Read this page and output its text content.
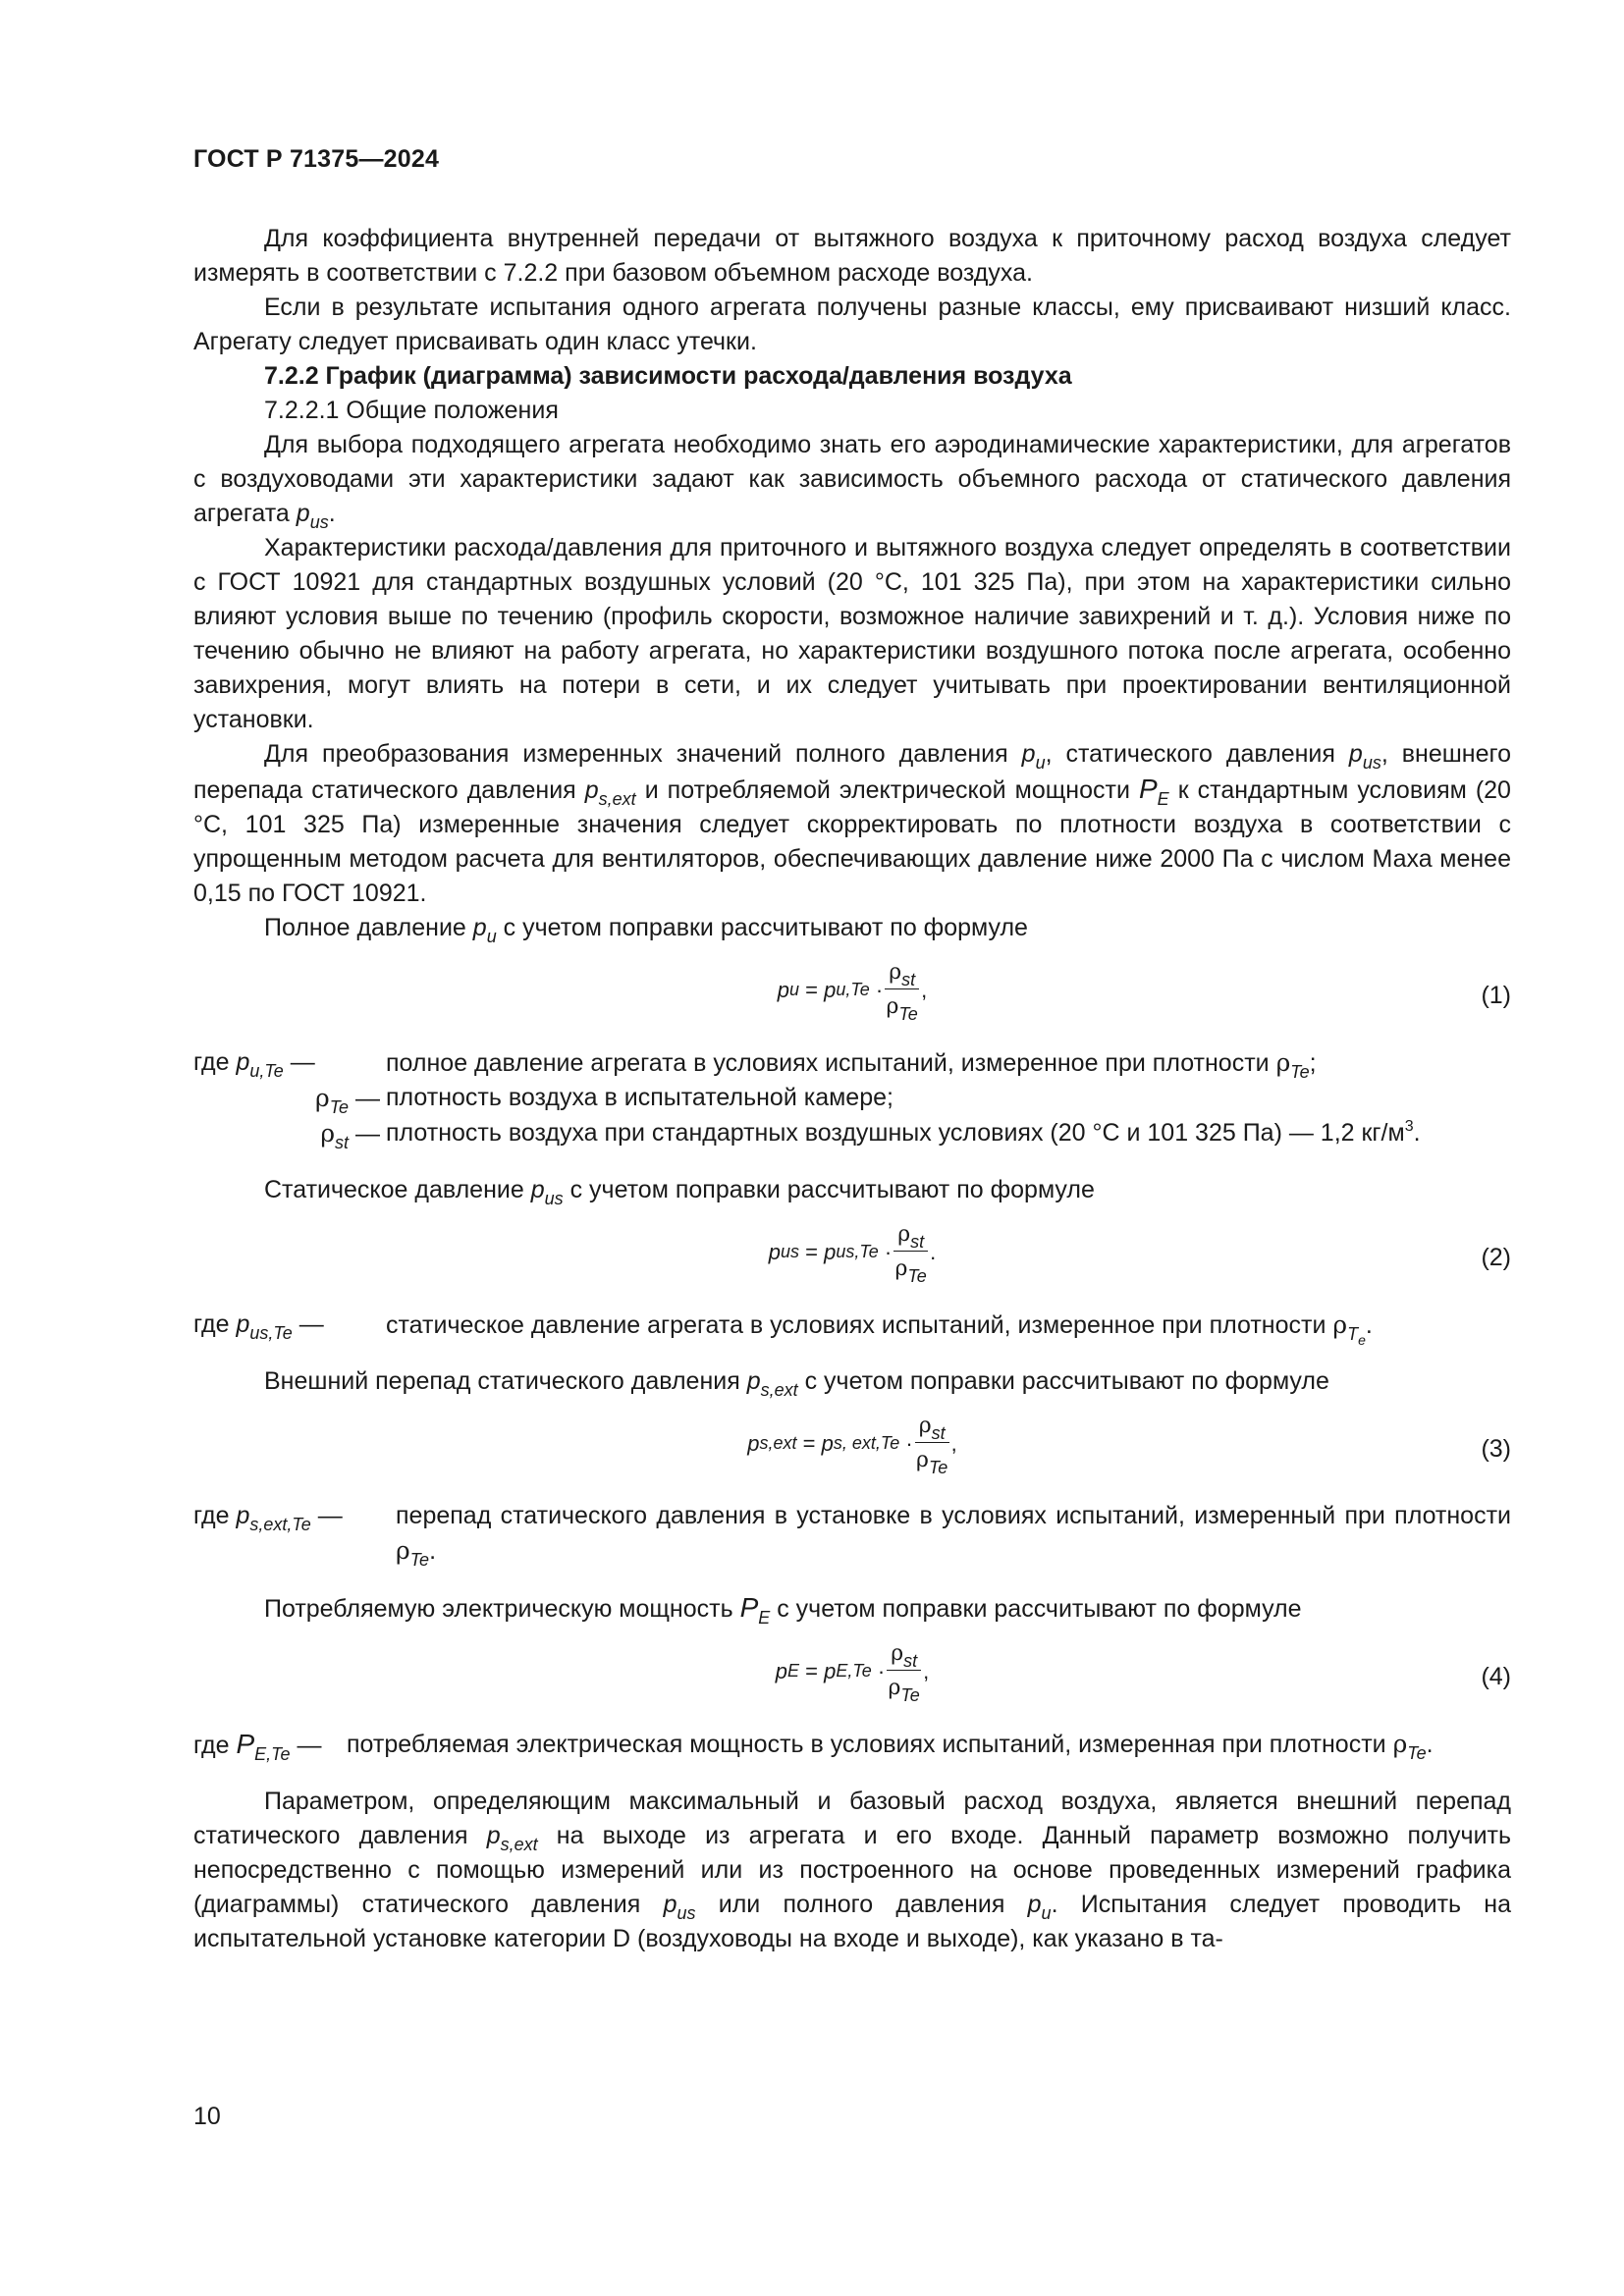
ГОСТ Р 71375—2024

Для коэффициента внутренней передачи от вытяжного воздуха к приточному расход воздуха следует измерять в соответствии с 7.2.2 при базовом объемном расходе воздуха.

Если в результате испытания одного агрегата получены разные классы, ему присваивают низший класс. Агрегату следует присваивать один класс утечки.

7.2.2 График (диаграмма) зависимости расхода/давления воздуха

7.2.2.1 Общие положения

Для выбора подходящего агрегата необходимо знать его аэродинамические характеристики, для агрегатов с воздуховодами эти характеристики задают как зависимость объемного расхода от статического давления агрегата $p_{us}$.

Характеристики расхода/давления для приточного и вытяжного воздуха следует определять в соответствии с ГОСТ 10921 для стандартных воздушных условий (20 °С, 101 325 Па), при этом на характеристики сильно влияют условия выше по течению (профиль скорости, возможное наличие завихрений и т. д.). Условия ниже по течению обычно не влияют на работу агрегата, но характеристики воздушного потока после агрегата, особенно завихрения, могут влиять на потери в сети, и их следует учитывать при проектировании вентиляционной установки.

Для преобразования измеренных значений полного давления $p_u$, статического давления $p_{us}$, внешнего перепада статического давления $p_{s,ext}$ и потребляемой электрической мощности $P_E$ к стандартным условиям (20 °С, 101 325 Па) измеренные значения следует скорректировать по плотности воздуха в соответствии с упрощенным методом расчета для вентиляторов, обеспечивающих давление ниже 2000 Па с числом Маха менее 0,15 по ГОСТ 10921.

Полное давление $p_u$ с учетом поправки рассчитывают по формуле

p u
=
p u,Te
· $\frac{\rho_{st}}{\rho_{Te}}$ ,	(1)
где $p_{u,Te}$ —	полное давление агрегата в условиях испытаний, измеренное при плотности $\rho_{Te}$;
$\rho_{Te}$ — плотность воздуха в испытательной камере;
$\rho_{st}$ — плотность воздуха при стандартных воздушных условиях (20 °С и 101 325 Па) — 1,2 $кг/м^3$.

Статическое давление $p_{us}$ с учетом поправки рассчитывают по формуле

p us
=
p us,Te
· $\frac{\rho_{st}}{\rho_{Te}}$ .	(2)
где $p_{us,Te}$ —	статическое давление агрегата в условиях испытаний, измеренное при плотности $\rho_{Te}$.

Внешний перепад статического давления $p_{s,ext}$ с учетом поправки рассчитывают по формуле

p s,ext
=
p s, ext,Te
· $\frac{\rho_{st}}{\rho_{Te}}$ ,	(3)
где $p_{s,ext,Te}$ —	перепад статического давления в установке в условиях испытаний, измеренный при плотности $\rho_{Te}$.

Потребляемую электрическую мощность $P_E$ с учетом поправки рассчитывают по формуле

p E
=
p E,Te
· $\frac{\rho_{st}}{\rho_{Te}}$ ,	(4)
где $P_{E,Te}$ —	потребляемая электрическая мощность в условиях испытаний, измеренная при плотности $\rho_{Te}$.

Параметром, определяющим максимальный и базовый расход воздуха, является внешний перепад статического давления $p_{s,ext}$ на выходе из агрегата и его входе. Данный параметр возможно получить непосредственно с помощью измерений или из построенного на основе проведенных измерений графика (диаграммы) статического давления $p_{us}$ или полного давления $p_u$. Испытания следует проводить на испытательной установке категории D (воздуховоды на входе и выходе), как указано в та-

10
